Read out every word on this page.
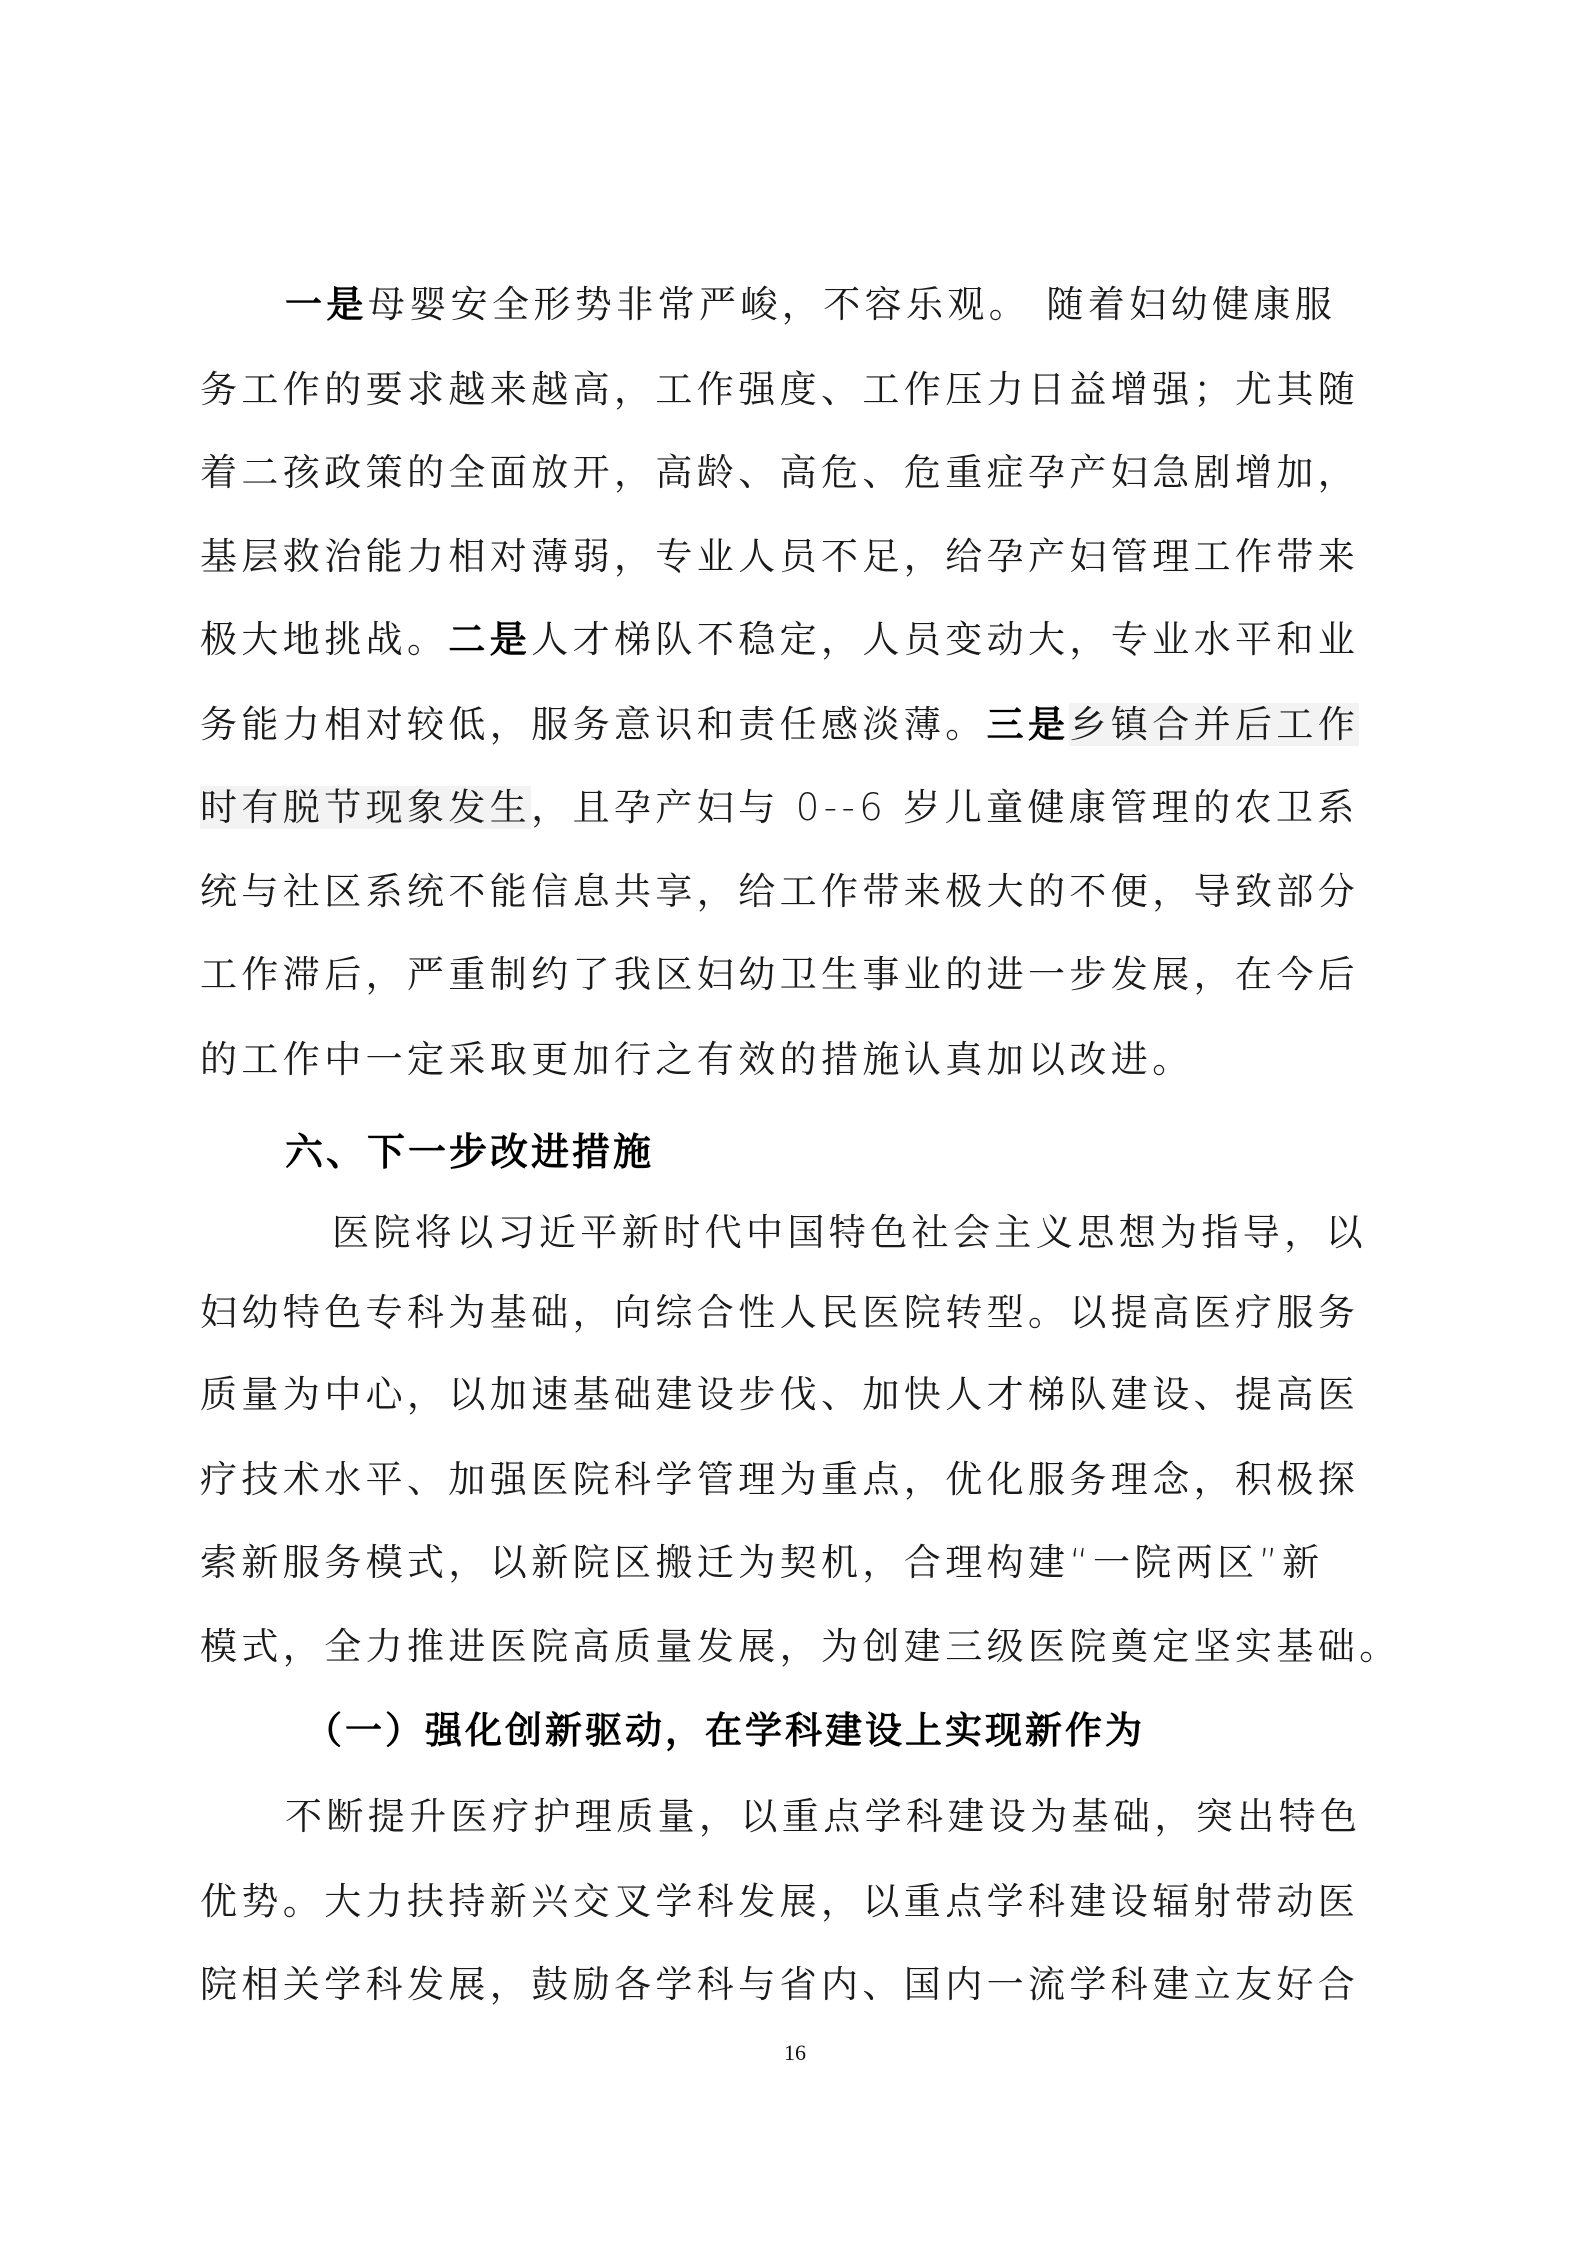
一是母婴安全形势非常严峻，不容乐观。 随着妇幼健康服
务工作的要求越来越高，工作强度、工作压力日益增强；尤其随
着二孩政策的全面放开，高龄、高危、危重症孕产妇急剧增加，
基层救治能力相对薄弱，专业人员不足，给孕产妇管理工作带来
极大地挑战。二是人才梯队不稳定，人员变动大，专业水平和业
务能力相对较低，服务意识和责任感淡薄。三是乡镇合并后工作
时有脱节现象发生，且孕产妇与 0--6 岁儿童健康管理的农卫系
统与社区系统不能信息共享，给工作带来极大的不便，导致部分
工作滞后，严重制约了我区妇幼卫生事业的进一步发展，在今后
的工作中一定采取更加行之有效的措施认真加以改进。
六、下一步改进措施
医院将以习近平新时代中国特色社会主义思想为指导，以
妇幼特色专科为基础，向综合性人民医院转型。以提高医疗服务
质量为中心，以加速基础建设步伐、加快人才梯队建设、提高医
疗技术水平、加强医院科学管理为重点，优化服务理念，积极探
索新服务模式，以新院区搬迁为契机，合理构建“一院两区”新
模式，全力推进医院高质量发展，为创建三级医院奠定坚实基础。
（一）强化创新驱动，在学科建设上实现新作为
不断提升医疗护理质量，以重点学科建设为基础，突出特色
优势。大力扶持新兴交叉学科发展，以重点学科建设辐射带动医
院相关学科发展，鼓励各学科与省内、国内一流学科建立友好合
16
